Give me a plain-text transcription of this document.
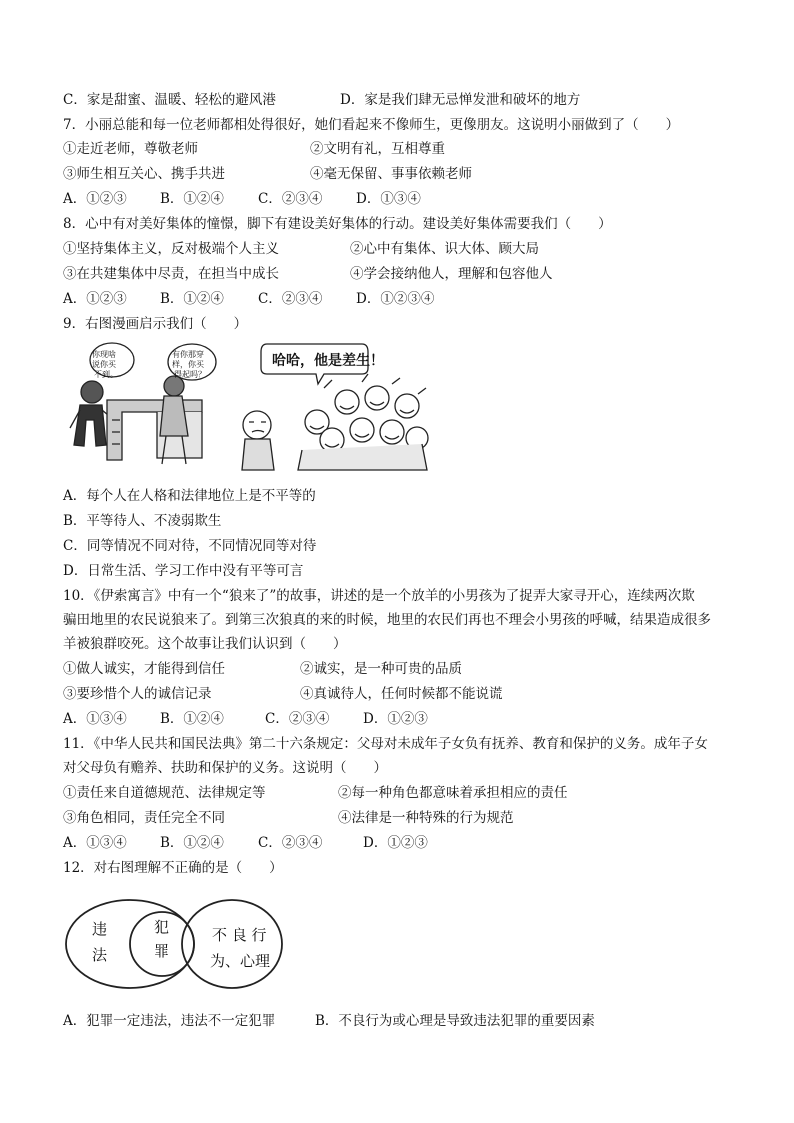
C．家是甜蜜、温暖、轻松的避风港	D．家是我们肆无忌惮发泄和破坏的地方
7．小丽总能和每一位老师都相处得很好，她们看起来不像师生，更像朋友。这说明小丽做到了（　　）
①走近老师，尊敬老师	②文明有礼，互相尊重
③师生相互关心、携手共进	④毫无保留、事事依赖老师
A．①②③ B．①②④	C．②③④ D．①③④
8．心中有对美好集体的憧憬，脚下有建设美好集体的行动。建设美好集体需要我们（　　）
①坚持集体主义，反对极端个人主义	②心中有集体、识大体、顾大局
③在共建集体中尽责，在担当中成长	④学会接纳他人，理解和包容他人
A．①②③ B．①②④	C．②③④ D．①②③④
9．右图漫画启示我们（　　）
你现啥
说你买
不到。
有你那穿
样，你买
得起吗？
哈哈，他是差生！
A．每个人在人格和法律地位上是不平等的
B．平等待人、不凌弱欺生
C．同等情况不同对待，不同情况同等对待
D．日常生活、学习工作中没有平等可言
10．《伊索寓言》中有一个“狼来了”的故事，讲述的是一个放羊的小男孩为了捉弄大家寻开心，连续两次欺
骗田地里的农民说狼来了。到第三次狼真的来的时候，地里的农民们再也不理会小男孩的呼喊，结果造成很多
羊被狼群咬死。这个故事让我们认识到（　　）
①做人诚实，才能得到信任	②诚实，是一种可贵的品质
③要珍惜个人的诚信记录	④真诚待人，任何时候都不能说谎
A．①③④ B．①②④	C．②③④ D．①②③
11．《中华人民共和国民法典》第二十六条规定：父母对未成年子女负有抚养、教育和保护的义务。成年子女
对父母负有赡养、扶助和保护的义务。这说明（　　）
①责任来自道德规范、法律规定等	②每一种角色都意味着承担相应的责任
③角色相同，责任完全不同	④法律是一种特殊的行为规范
A．①③④ B．①②④	C．②③④	D．①②③
12．对右图理解不正确的是（　　）
违
法
犯
罪
不 良 行
为、心理
A．犯罪一定违法，违法不一定犯罪	B．不良行为或心理是导致违法犯罪的重要因素
